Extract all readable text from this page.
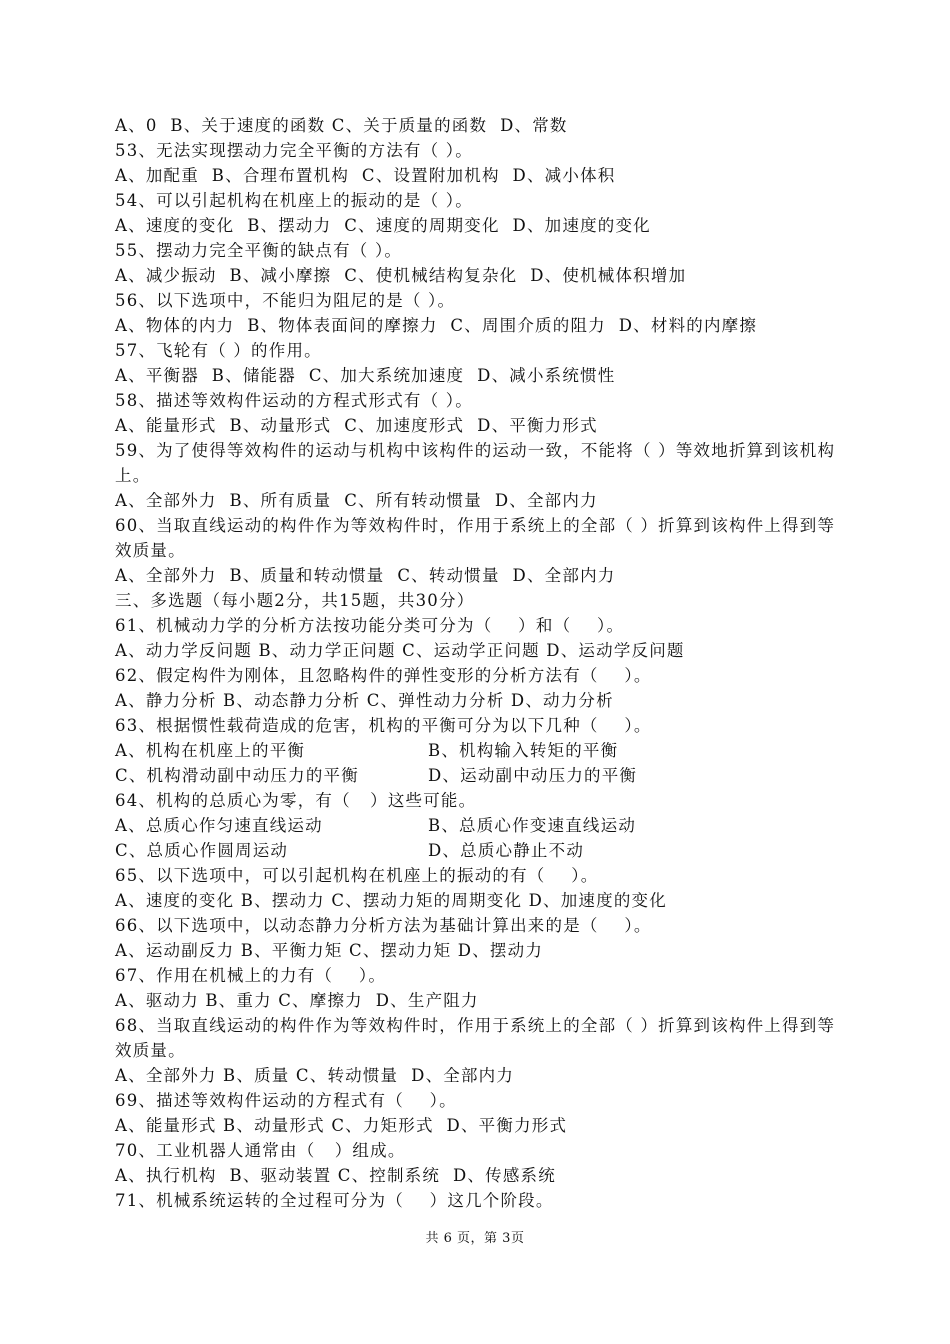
A、0  B、关于速度的函数 C、关于质量的函数  D、常数
53、无法实现摆动力完全平衡的方法有（ ）。
A、加配重  B、合理布置机构  C、设置附加机构  D、减小体积
54、可以引起机构在机座上的振动的是（ ）。
A、速度的变化  B、摆动力  C、速度的周期变化  D、加速度的变化
55、摆动力完全平衡的缺点有（ ）。
A、减少振动  B、减小摩擦  C、使机械结构复杂化  D、使机械体积增加
56、以下选项中，不能归为阻尼的是（ ）。
A、物体的内力  B、物体表面间的摩擦力  C、周围介质的阻力  D、材料的内摩擦
57、飞轮有（ ）的作用。
A、平衡器  B、储能器  C、加大系统加速度  D、减小系统惯性
58、描述等效构件运动的方程式形式有（ ）。
A、能量形式  B、动量形式  C、加速度形式  D、平衡力形式
59、为了使得等效构件的运动与机构中该构件的运动一致，不能将（ ）等效地折算到该机构上。
A、全部外力  B、所有质量  C、所有转动惯量  D、全部内力
60、当取直线运动的构件作为等效构件时，作用于系统上的全部（ ）折算到该构件上得到等效质量。
A、全部外力  B、质量和转动惯量  C、转动惯量  D、全部内力
三、多选题（每小题2分，共15题，共30分）
61、机械动力学的分析方法按功能分类可分为（    ）和（    ）。
A、动力学反问题 B、动力学正问题 C、运动学正问题 D、运动学反问题
62、假定构件为刚体，且忽略构件的弹性变形的分析方法有（    ）。
A、静力分析 B、动态静力分析 C、弹性动力分析 D、动力分析
63、根据惯性载荷造成的危害，机构的平衡可分为以下几种（    ）。
A、机构在机座上的平衡	B、机构输入转矩的平衡
C、机构滑动副中动压力的平衡	D、运动副中动压力的平衡
64、机构的总质心为零，有（   ）这些可能。
A、总质心作匀速直线运动	B、总质心作变速直线运动
C、总质心作圆周运动	D、总质心静止不动
65、以下选项中，可以引起机构在机座上的振动的有（    ）。
A、速度的变化 B、摆动力 C、摆动力矩的周期变化 D、加速度的变化
66、以下选项中，以动态静力分析方法为基础计算出来的是（    ）。
A、运动副反力 B、平衡力矩 C、摆动力矩 D、摆动力
67、作用在机械上的力有（    ）。
A、驱动力 B、重力 C、摩擦力  D、生产阻力
68、当取直线运动的构件作为等效构件时，作用于系统上的全部（ ）折算到该构件上得到等效质量。
A、全部外力 B、质量 C、转动惯量  D、全部内力
69、描述等效构件运动的方程式有（    ）。
A、能量形式 B、动量形式 C、力矩形式  D、平衡力形式
70、工业机器人通常由（   ）组成。
A、执行机构  B、驱动装置 C、控制系统  D、传感系统
71、机械系统运转的全过程可分为（    ）这几个阶段。
共 6 页，第 3页
